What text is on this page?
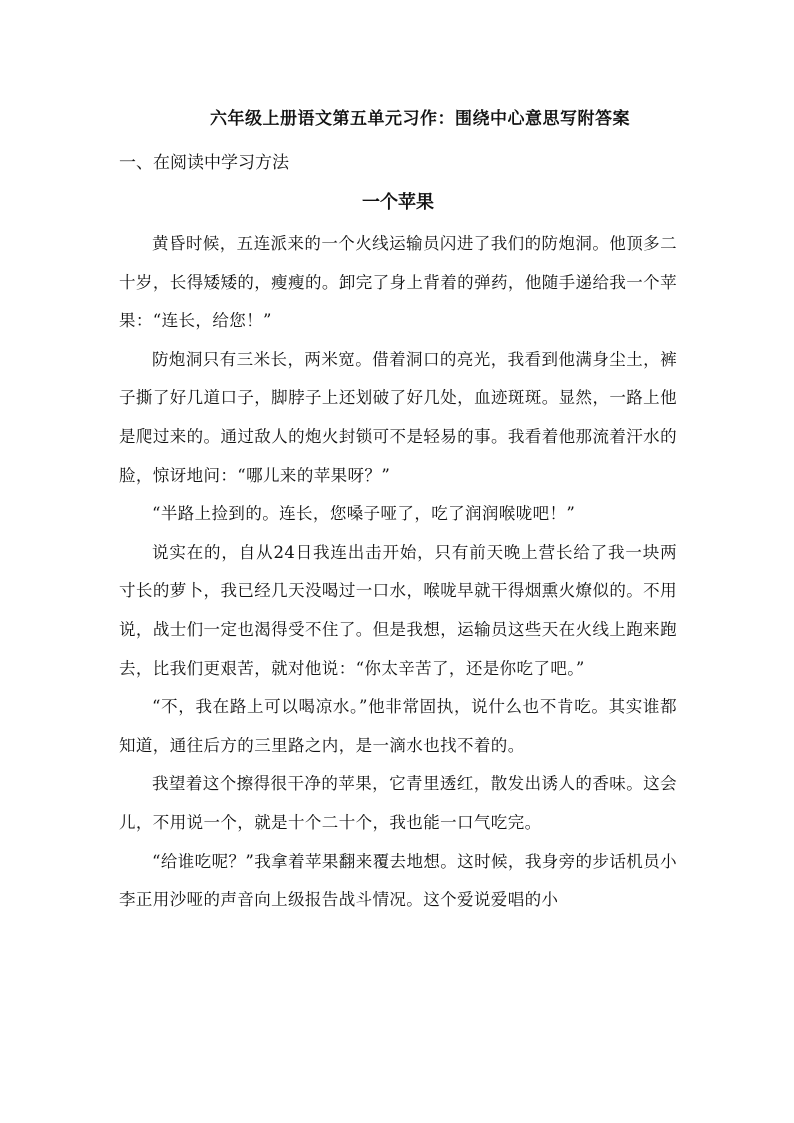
六年级上册语文第五单元习作：围绕中心意思写附答案
一、在阅读中学习方法
一个苹果

黄昏时候，五连派来的一个火线运输员闪进了我们的防炮洞。他顶多二十岁，长得矮矮的，瘦瘦的。卸完了身上背着的弹药，他随手递给我一个苹果：“连长，给您！”

防炮洞只有三米长，两米宽。借着洞口的亮光，我看到他满身尘土，裤子撕了好几道口子，脚脖子上还划破了好几处，血迹斑斑。显然，一路上他是爬过来的。通过敌人的炮火封锁可不是轻易的事。我看着他那流着汗水的脸，惊讶地问：“哪儿来的苹果呀？”

“半路上捡到的。连长，您嗓子哑了，吃了润润喉咙吧！”

说实在的，自从24日我连出击开始，只有前天晚上营长给了我一块两寸长的萝卜，我已经几天没喝过一口水，喉咙早就干得烟熏火燎似的。不用说，战士们一定也渴得受不住了。但是我想，运输员这些天在火线上跑来跑去，比我们更艰苦，就对他说：“你太辛苦了，还是你吃了吧。”

“不，我在路上可以喝凉水。”他非常固执，说什么也不肯吃。其实谁都知道，通往后方的三里路之内，是一滴水也找不着的。

我望着这个擦得很干净的苹果，它青里透红，散发出诱人的香味。这会儿，不用说一个，就是十个二十个，我也能一口气吃完。

“给谁吃呢？”我拿着苹果翻来覆去地想。这时候，我身旁的步话机员小李正用沙哑的声音向上级报告战斗情况。这个爱说爱唱的小
